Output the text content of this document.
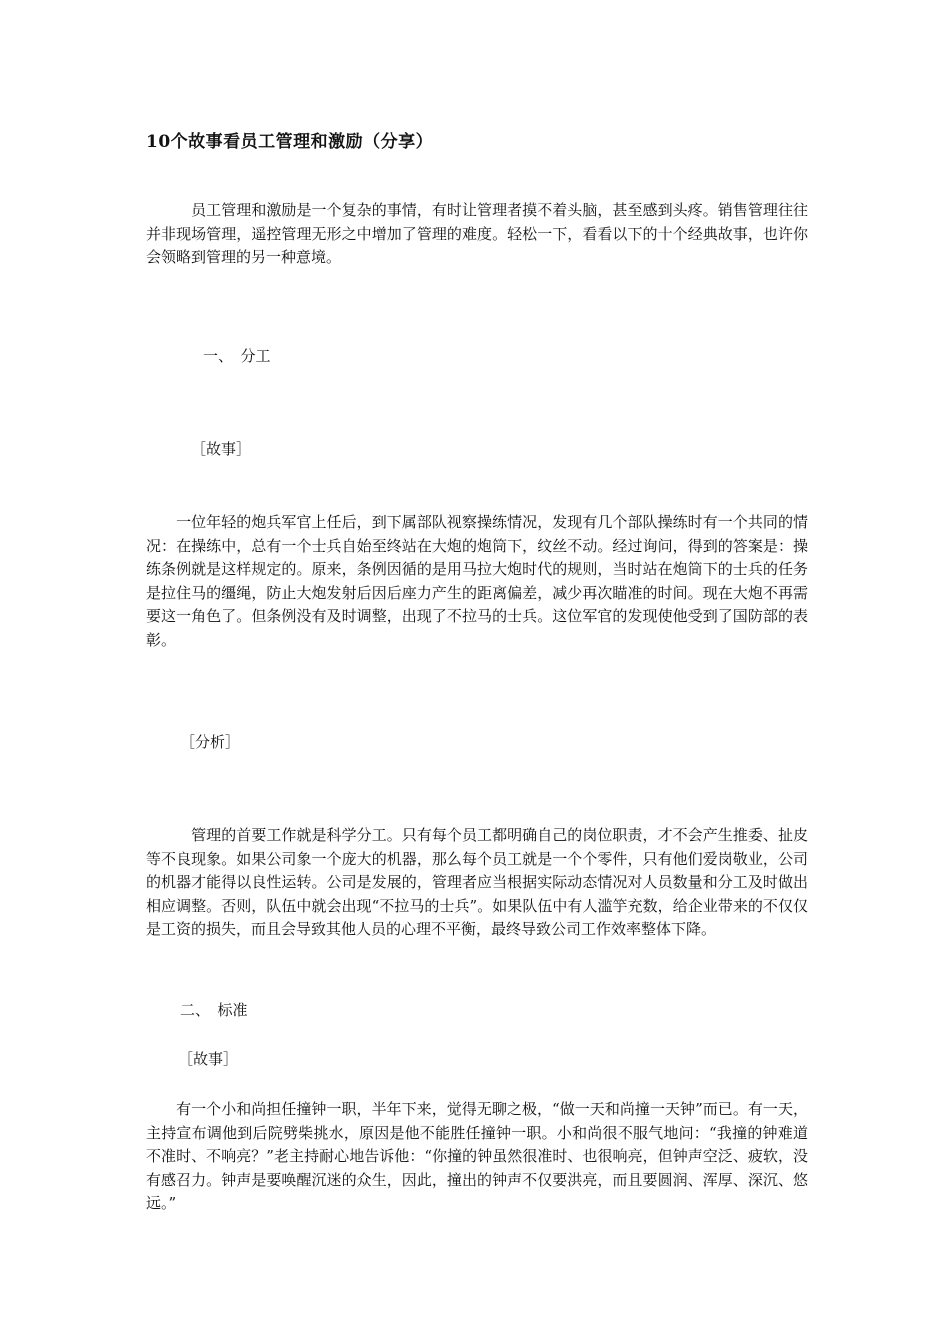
10个故事看员工管理和激励（分享）

　　　员工管理和激励是一个复杂的事情，有时让管理者摸不着头脑，甚至感到头疼。销售管理往往并非现场管理，遥控管理无形之中增加了管理的难度。轻松一下，看看以下的十个经典故事，也许你会领略到管理的另一种意境。

一、　分工

［故事］

　　一位年轻的炮兵军官上任后，到下属部队视察操练情况，发现有几个部队操练时有一个共同的情况：在操练中，总有一个士兵自始至终站在大炮的炮筒下，纹丝不动。经过询问，得到的答案是：操练条例就是这样规定的。原来，条例因循的是用马拉大炮时代的规则，当时站在炮筒下的士兵的任务是拉住马的缰绳，防止大炮发射后因后座力产生的距离偏差，减少再次瞄准的时间。现在大炮不再需要这一角色了。但条例没有及时调整，出现了不拉马的士兵。这位军官的发现使他受到了国防部的表彰。

［分析］

　　　管理的首要工作就是科学分工。只有每个员工都明确自己的岗位职责，才不会产生推委、扯皮等不良现象。如果公司象一个庞大的机器，那么每个员工就是一个个零件，只有他们爱岗敬业，公司的机器才能得以良性运转。公司是发展的，管理者应当根据实际动态情况对人员数量和分工及时做出相应调整。否则，队伍中就会出现“不拉马的士兵”。如果队伍中有人滥竽充数，给企业带来的不仅仅是工资的损失，而且会导致其他人员的心理不平衡，最终导致公司工作效率整体下降。

二、　标准

［故事］

　　有一个小和尚担任撞钟一职，半年下来，觉得无聊之极，“做一天和尚撞一天钟”而已。有一天，主持宣布调他到后院劈柴挑水，原因是他不能胜任撞钟一职。小和尚很不服气地问：“我撞的钟难道不准时、不响亮？”老主持耐心地告诉他：“你撞的钟虽然很准时、也很响亮，但钟声空泛、疲软，没有感召力。钟声是要唤醒沉迷的众生，因此，撞出的钟声不仅要洪亮，而且要圆润、浑厚、深沉、悠远。”
